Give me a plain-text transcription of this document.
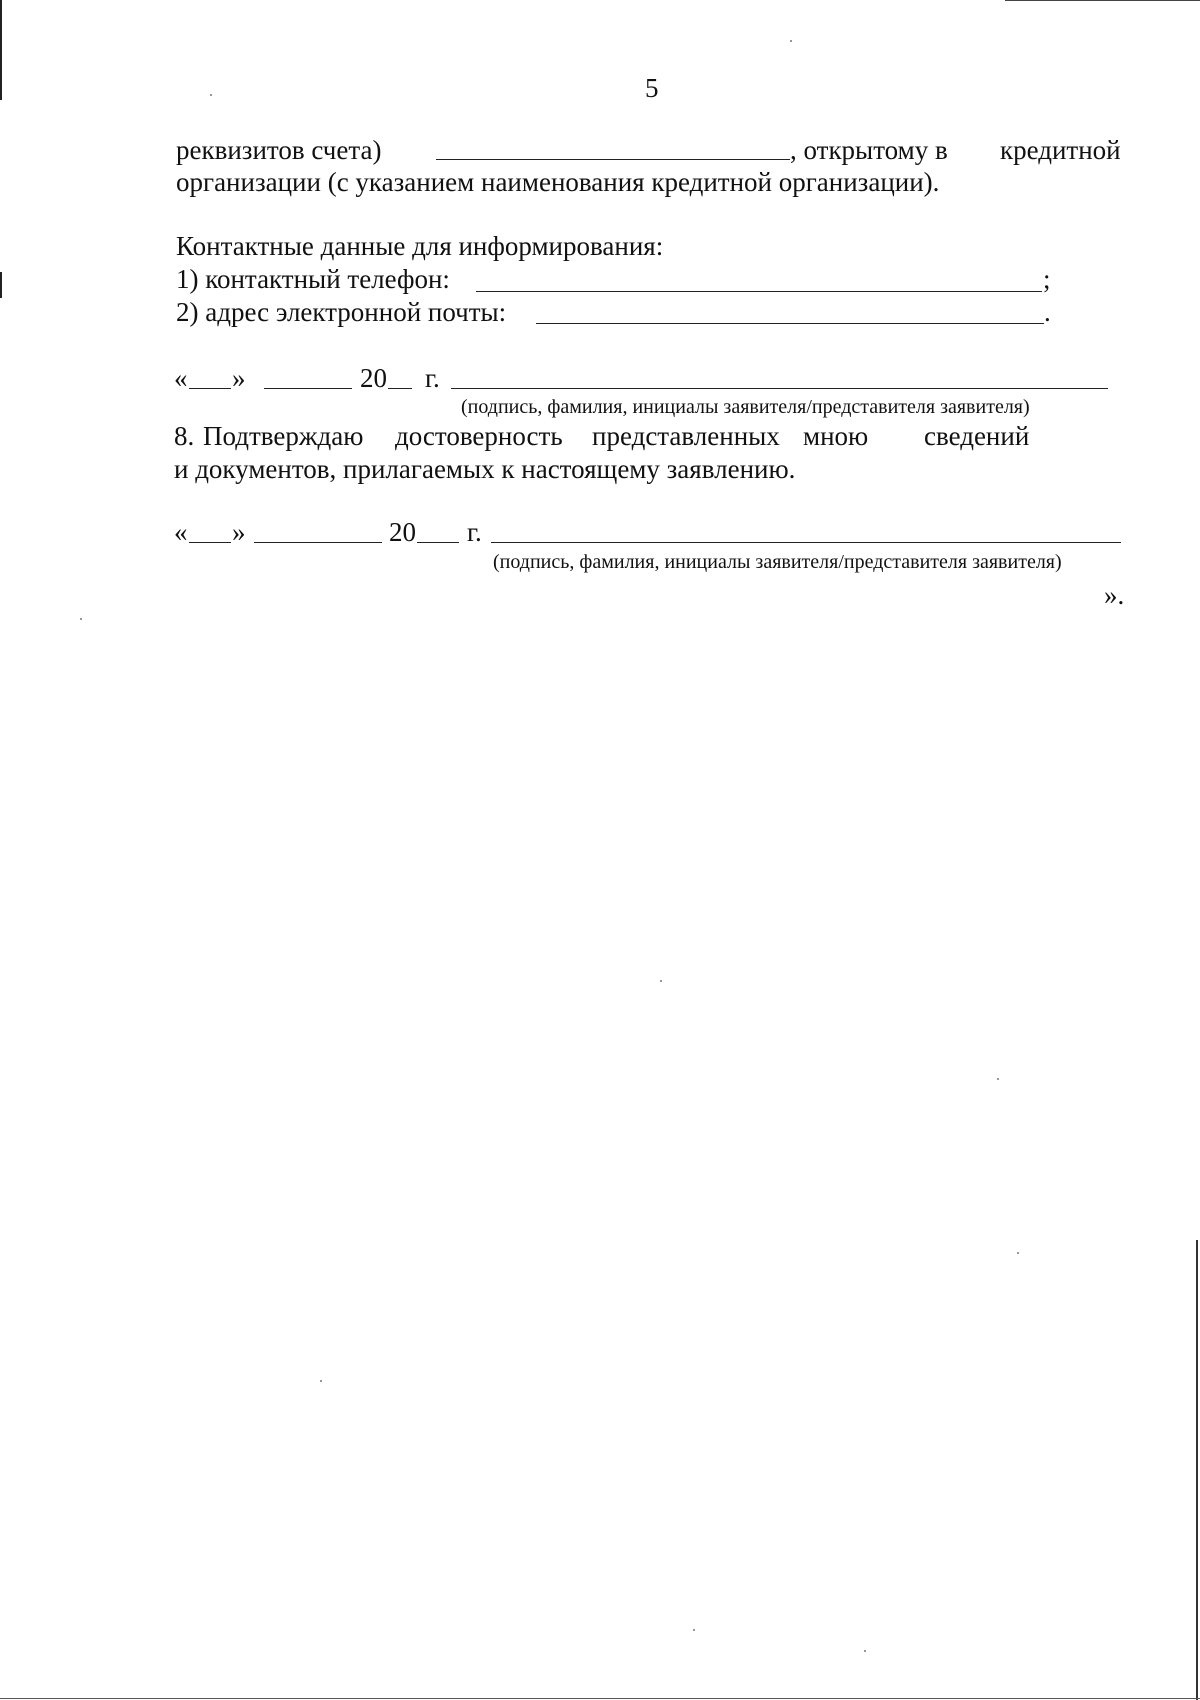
5
реквизитов счета)	, открытому в кредитной
организации (с указанием наименования кредитной организации).
Контактные данные для информирования:
1) контактный телефон:	;
2) адрес электронной почты:	.
« »	20 г.
(подпись, фамилия, инициалы заявителя/представителя заявителя)
8. Подтверждаю достоверность представленных мною сведений
и документов, прилагаемых к настоящему заявлению.
« »	20 г.
(подпись, фамилия, инициалы заявителя/представителя заявителя)
».
